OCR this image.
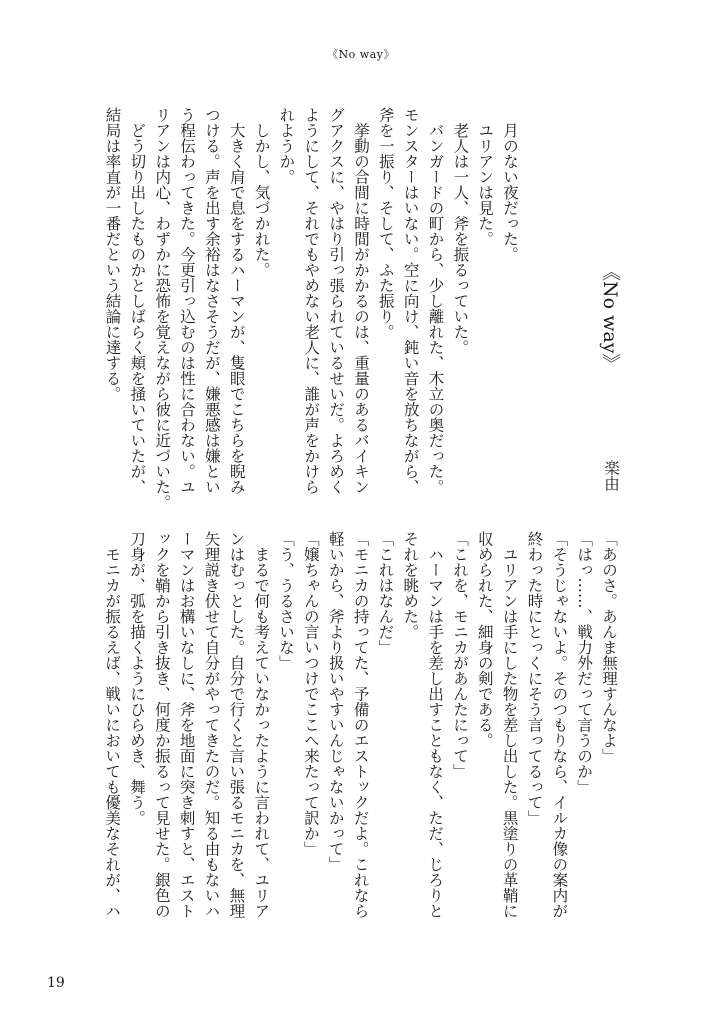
《No way》
《No way》
楽由
　月のない夜だった。
　ユリアンは見た。
　老人は一人、斧を振るっていた。
　バンガードの町から、少し離れた、木立の奥だった。
モンスターはいない。空に向け、鈍い音を放ちながら、
斧を一振り、そして、ふた振り。
　挙動の合間に時間がかかるのは、重量のあるバイキン
グアクスに、やはり引っ張られているせいだ。よろめく
ようにして、それでもやめない老人に、誰が声をかけら
れようか。
　しかし、気づかれた。
　大きく肩で息をするハーマンが、隻眼でこちらを睨み
つける。声を出す余裕はなさそうだが、嫌悪感は嫌とい
う程伝わってきた。今更引っ込むのは性に合わない。ユ
リアンは内心、わずかに恐怖を覚えながら彼に近づいた。
　どう切り出したものかとしばらく頬を掻いていたが、
結局は率直が一番だという結論に達する。
「あのさ。あんま無理すんなよ」
「はっ……、戦力外だって言うのか」
「そうじゃないよ。そのつもりなら、イルカ像の案内が
終わった時にとっくにそう言ってるって」
　ユリアンは手にした物を差し出した。黒塗りの革鞘に
収められた、細身の剣である。
「これを、モニカがあんたにって」
　ハーマンは手を差し出すこともなく、ただ、じろりと
それを眺めた。
「これはなんだ」
「モニカの持ってた、予備のエストックだよ。これなら
軽いから、斧より扱いやすいんじゃないかって」
「嬢ちゃんの言いつけでここへ来たって訳か」
「う、うるさいな」
　まるで何も考えていなかったように言われて、ユリア
ンはむっとした。自分で行くと言い張るモニカを、無理
矢理説き伏せて自分がやってきたのだ。知る由もないハ
ーマンはお構いなしに、斧を地面に突き刺すと、エスト
ックを鞘から引き抜き、何度か振るって見せた。銀色の
刀身が、弧を描くようにひらめき、舞う。
　モニカが振るえば、戦いにおいても優美なそれが、ハ
19
